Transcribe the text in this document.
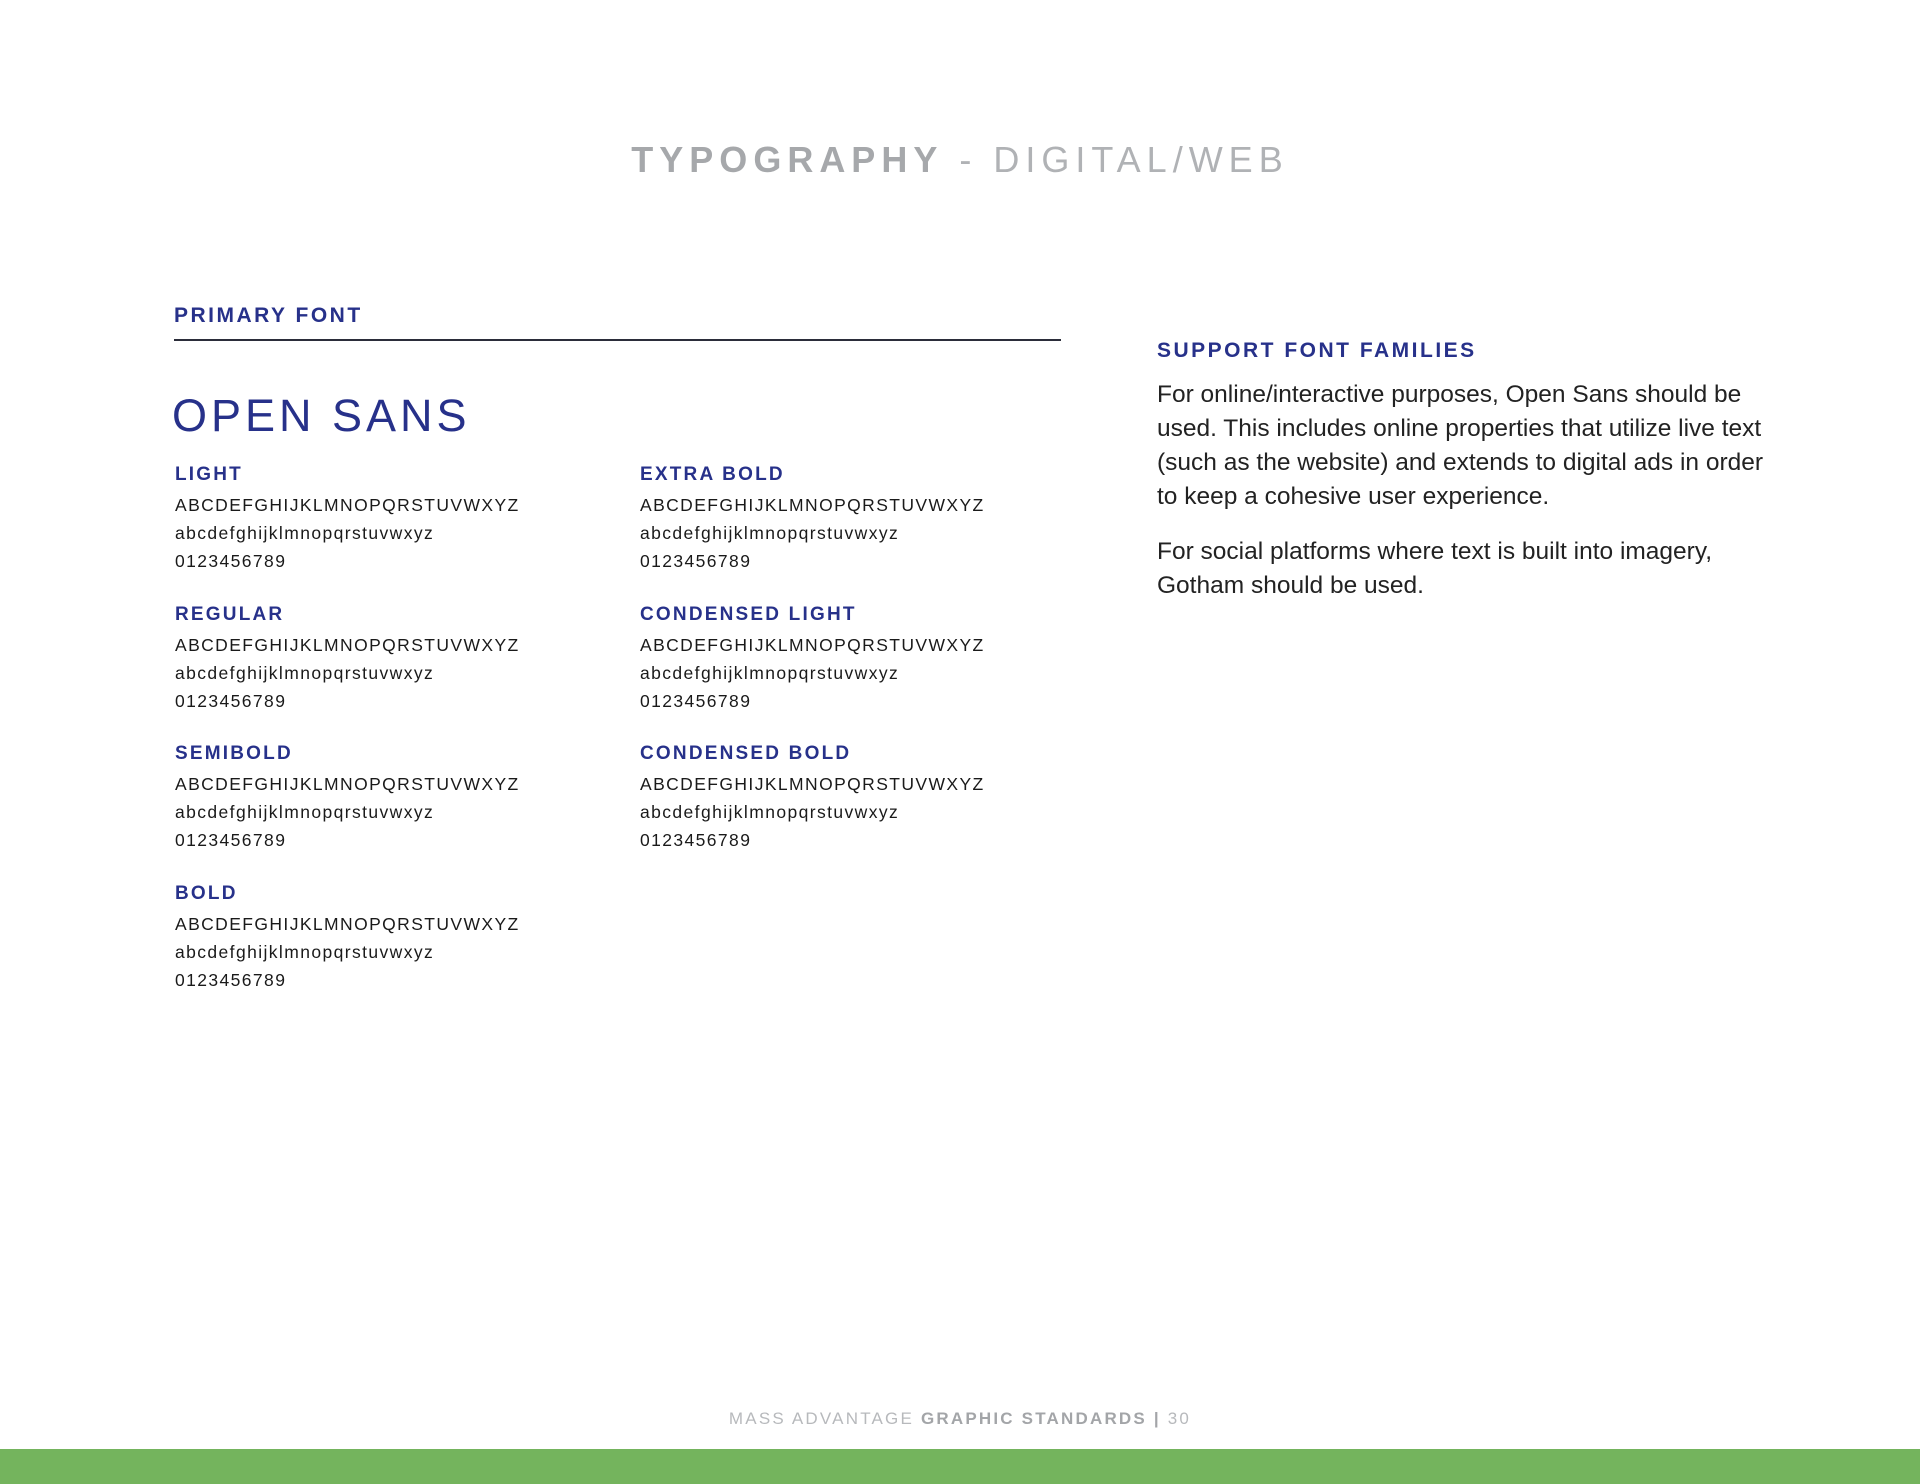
TYPOGRAPHY - DIGITAL/WEB
PRIMARY FONT
OPEN SANS
LIGHT
ABCDEFGHIJKLMNOPQRSTUVWXYZ
abcdefghijklmnopqrstuvwxyz
0123456789
REGULAR
ABCDEFGHIJKLMNOPQRSTUVWXYZ
abcdefghijklmnopqrstuvwxyz
0123456789
SEMIBOLD
ABCDEFGHIJKLMNOPQRSTUVWXYZ
abcdefghijklmnopqrstuvwxyz
0123456789
BOLD
ABCDEFGHIJKLMNOPQRSTUVWXYZ
abcdefghijklmnopqrstuvwxyz
0123456789
EXTRA BOLD
ABCDEFGHIJKLMNOPQRSTUVWXYZ
abcdefghijklmnopqrstuvwxyz
0123456789
CONDENSED LIGHT
ABCDEFGHIJKLMNOPQRSTUVWXYZ
abcdefghijklmnopqrstuvwxyz
0123456789
CONDENSED BOLD
ABCDEFGHIJKLMNOPQRSTUVWXYZ
abcdefghijklmnopqrstuvwxyz
0123456789
SUPPORT FONT FAMILIES

For online/interactive purposes, Open Sans should be used. This includes online properties that utilize live text (such as the website) and extends to digital ads in order to keep a cohesive user experience.

For social platforms where text is built into imagery, Gotham should be used.

MASS ADVANTAGE GRAPHIC STANDARDS | 30
